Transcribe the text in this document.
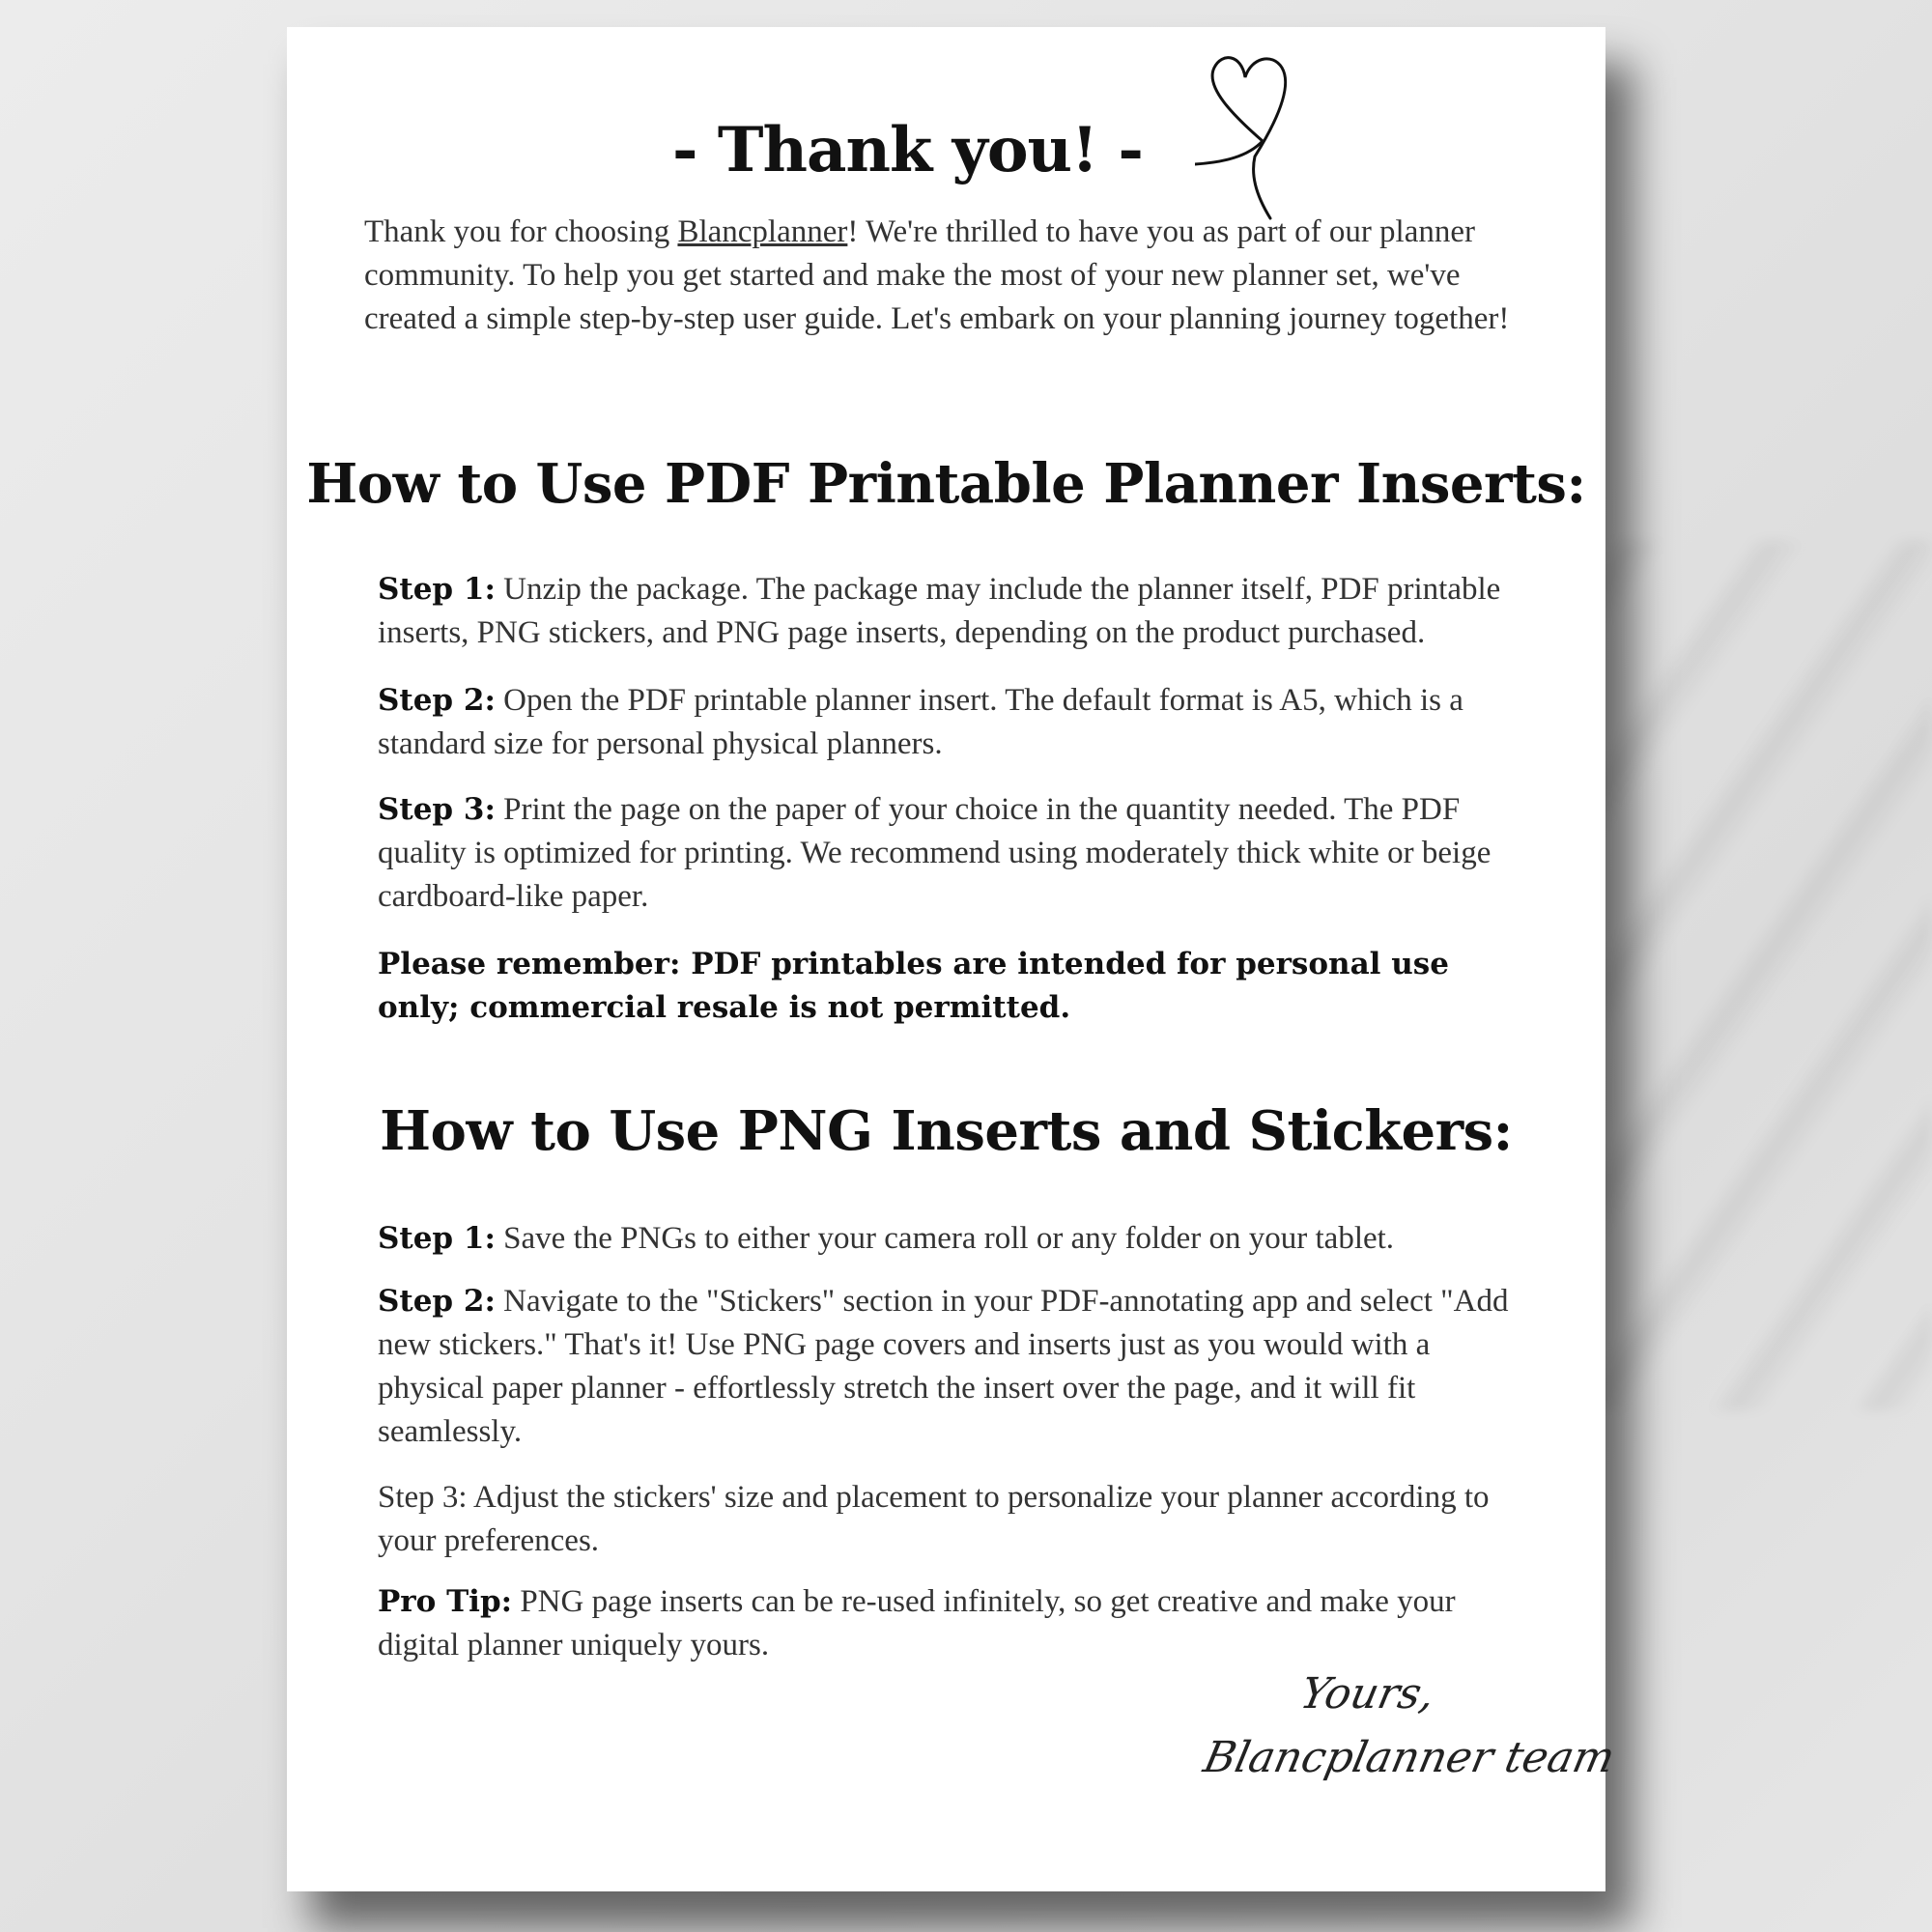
- Thank you! -
Thank you for choosing Blancplanner! We're thrilled to have you as part of our planner community. To help you get started and make the most of your new planner set, we've created a simple step-by-step user guide. Let's embark on your planning journey together!
How to Use PDF Printable Planner Inserts:
Step 1: Unzip the package. The package may include the planner itself, PDF printable inserts, PNG stickers, and PNG page inserts, depending on the product purchased.
Step 2: Open the PDF printable planner insert. The default format is A5, which is a standard size for personal physical planners.
Step 3: Print the page on the paper of your choice in the quantity needed. The PDF quality is optimized for printing. We recommend using moderately thick white or beige cardboard-like paper.
Please remember: PDF printables are intended for personal use only; commercial resale is not permitted.
How to Use PNG Inserts and Stickers:
Step 1: Save the PNGs to either your camera roll or any folder on your tablet.
Step 2: Navigate to the "Stickers" section in your PDF-annotating app and select "Add new stickers." That's it! Use PNG page covers and inserts just as you would with a physical paper planner - effortlessly stretch the insert over the page, and it will fit seamlessly.
Step 3: Adjust the stickers' size and placement to personalize your planner according to your preferences.
Pro Tip: PNG page inserts can be re-used infinitely, so get creative and make your digital planner uniquely yours.
Yours,
Blancplanner team
